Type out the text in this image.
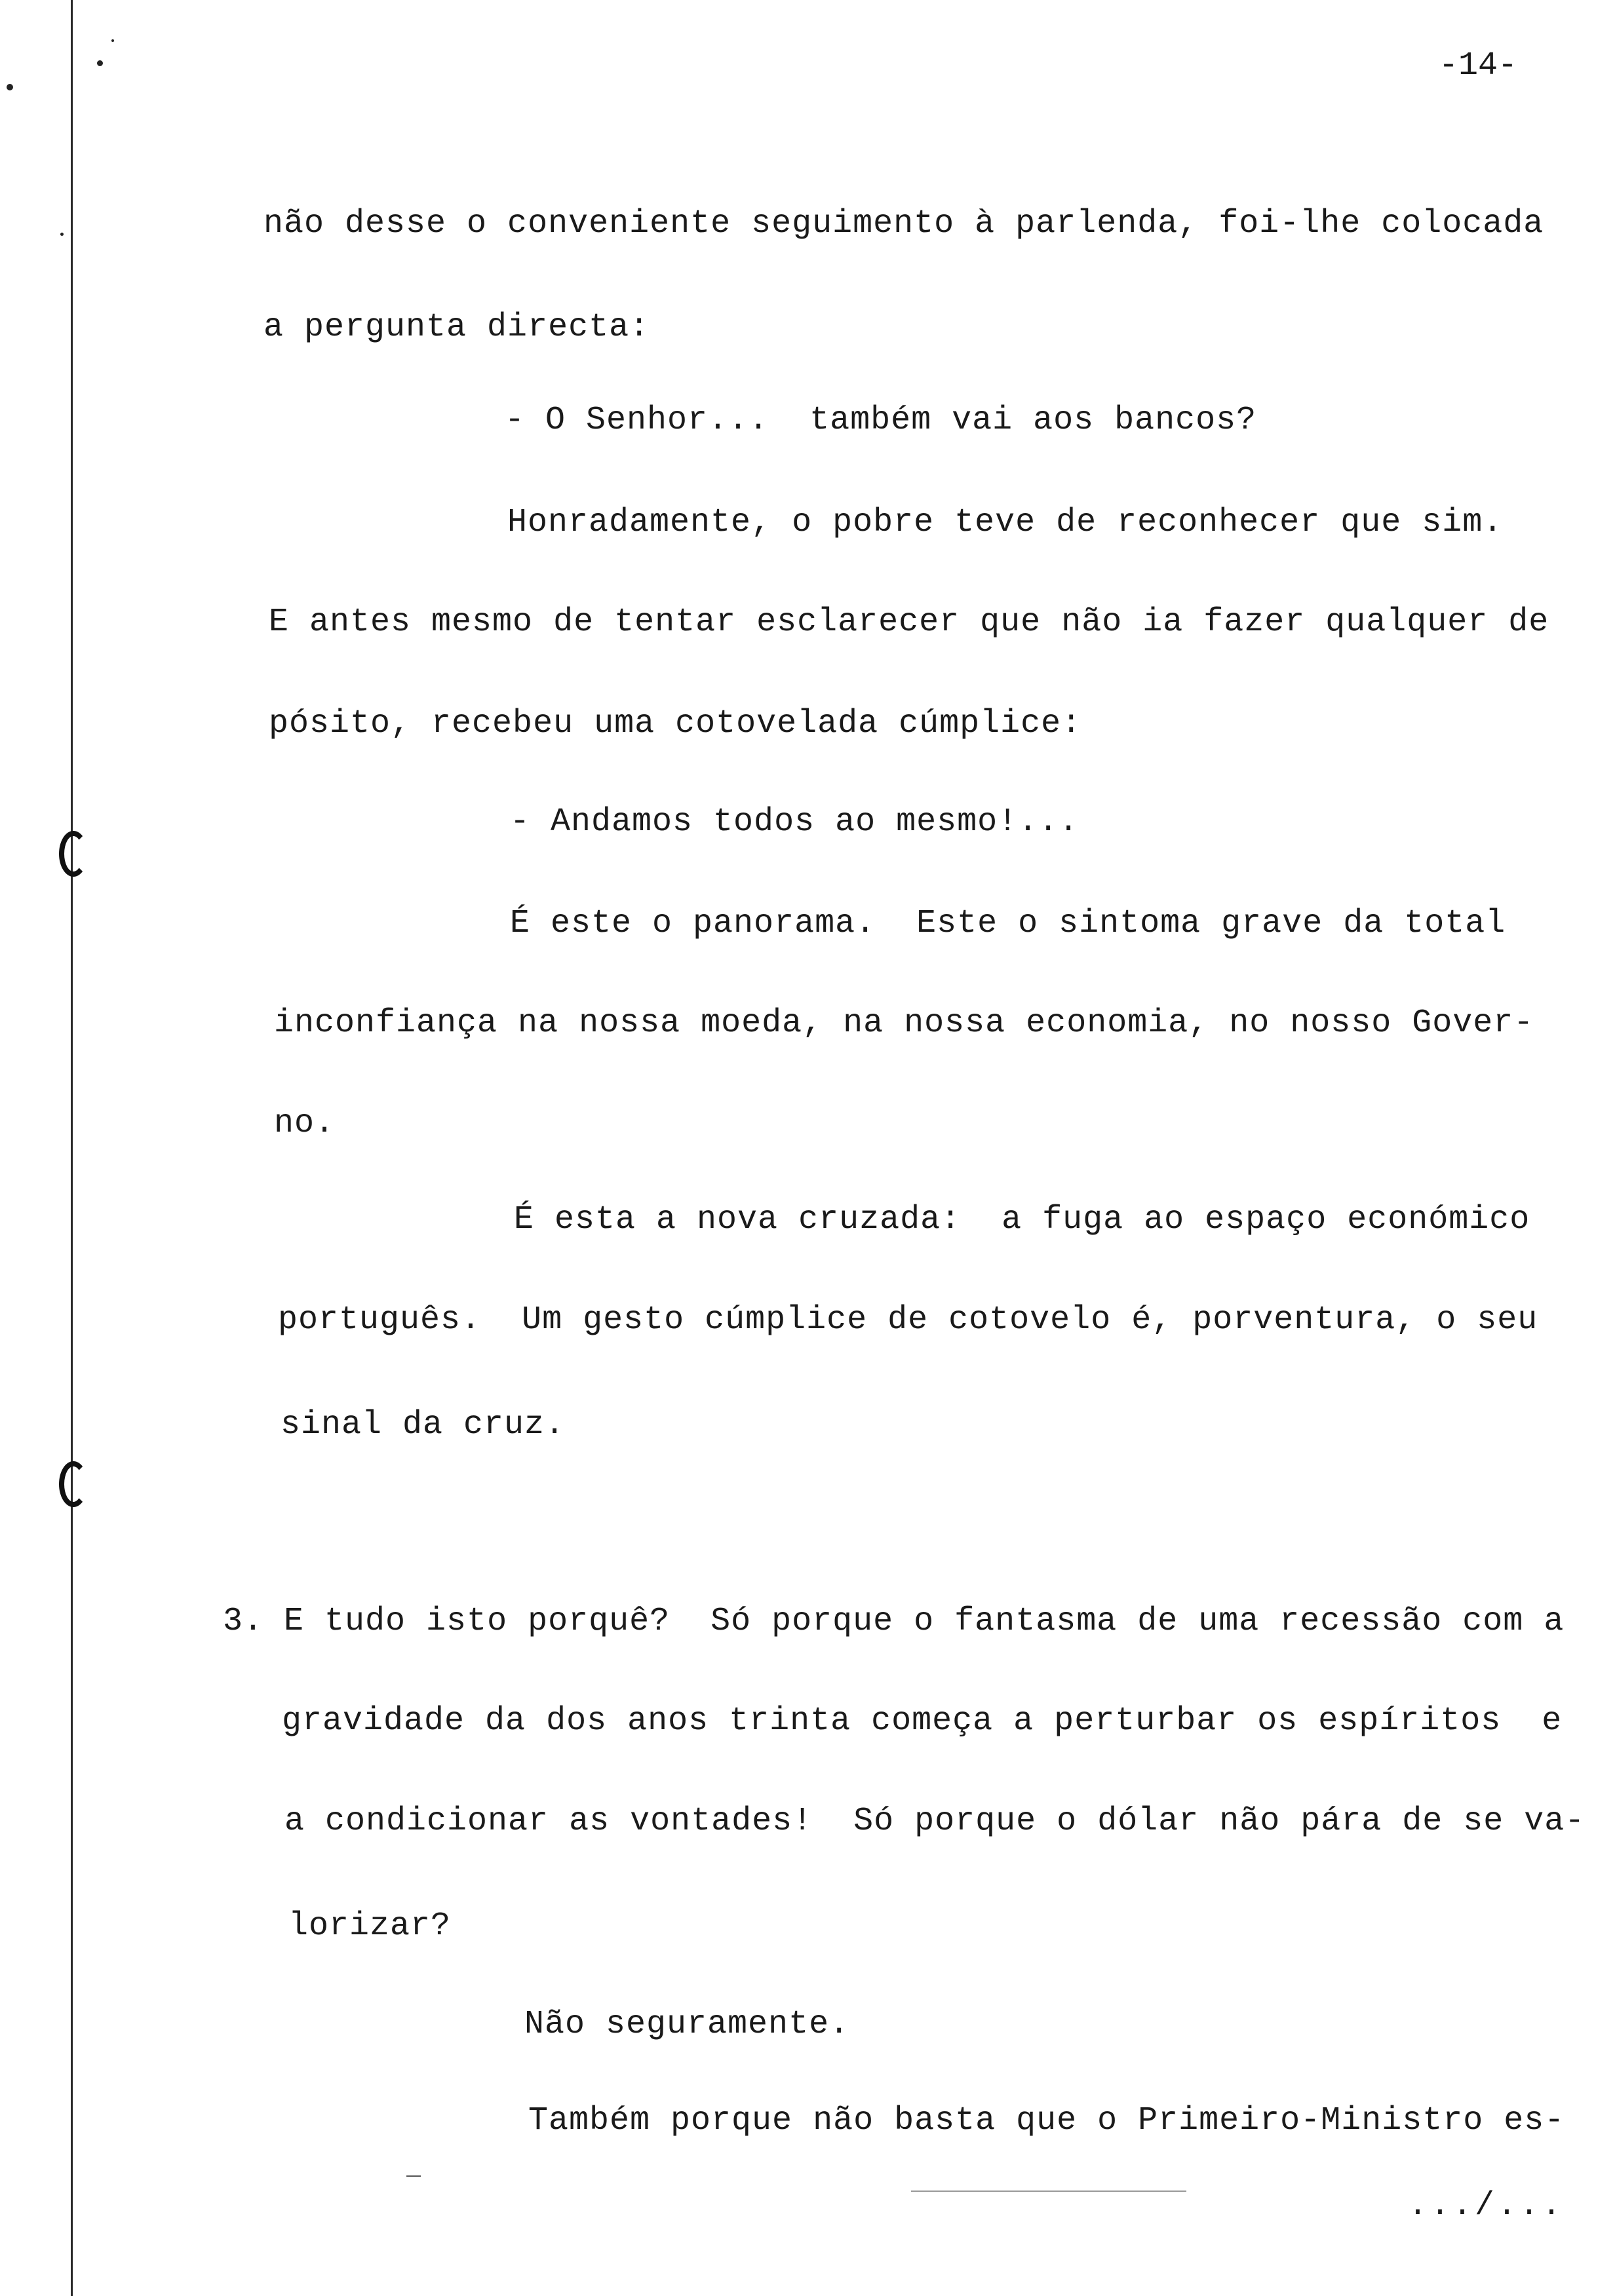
-14-
não desse o conveniente seguimento à parlenda, foi-lhe colocada
a pergunta directa:
- O Senhor...  também vai aos bancos?
Honradamente, o pobre teve de reconhecer que sim.
E antes mesmo de tentar esclarecer que não ia fazer qualquer de
pósito, recebeu uma cotovelada cúmplice:
- Andamos todos ao mesmo!...
É este o panorama.  Este o sintoma grave da total
inconfiança na nossa moeda, na nossa economia, no nosso Gover-
no.
É esta a nova cruzada:  a fuga ao espaço económico
português.  Um gesto cúmplice de cotovelo é, porventura, o seu
sinal da cruz.
3. E tudo isto porquê?  Só porque o fantasma de uma recessão com a
gravidade da dos anos trinta começa a perturbar os espíritos  e
a condicionar as vontades!  Só porque o dólar não pára de se va-
lorizar?
Não seguramente.
Também porque não basta que o Primeiro-Ministro es-
.../...
